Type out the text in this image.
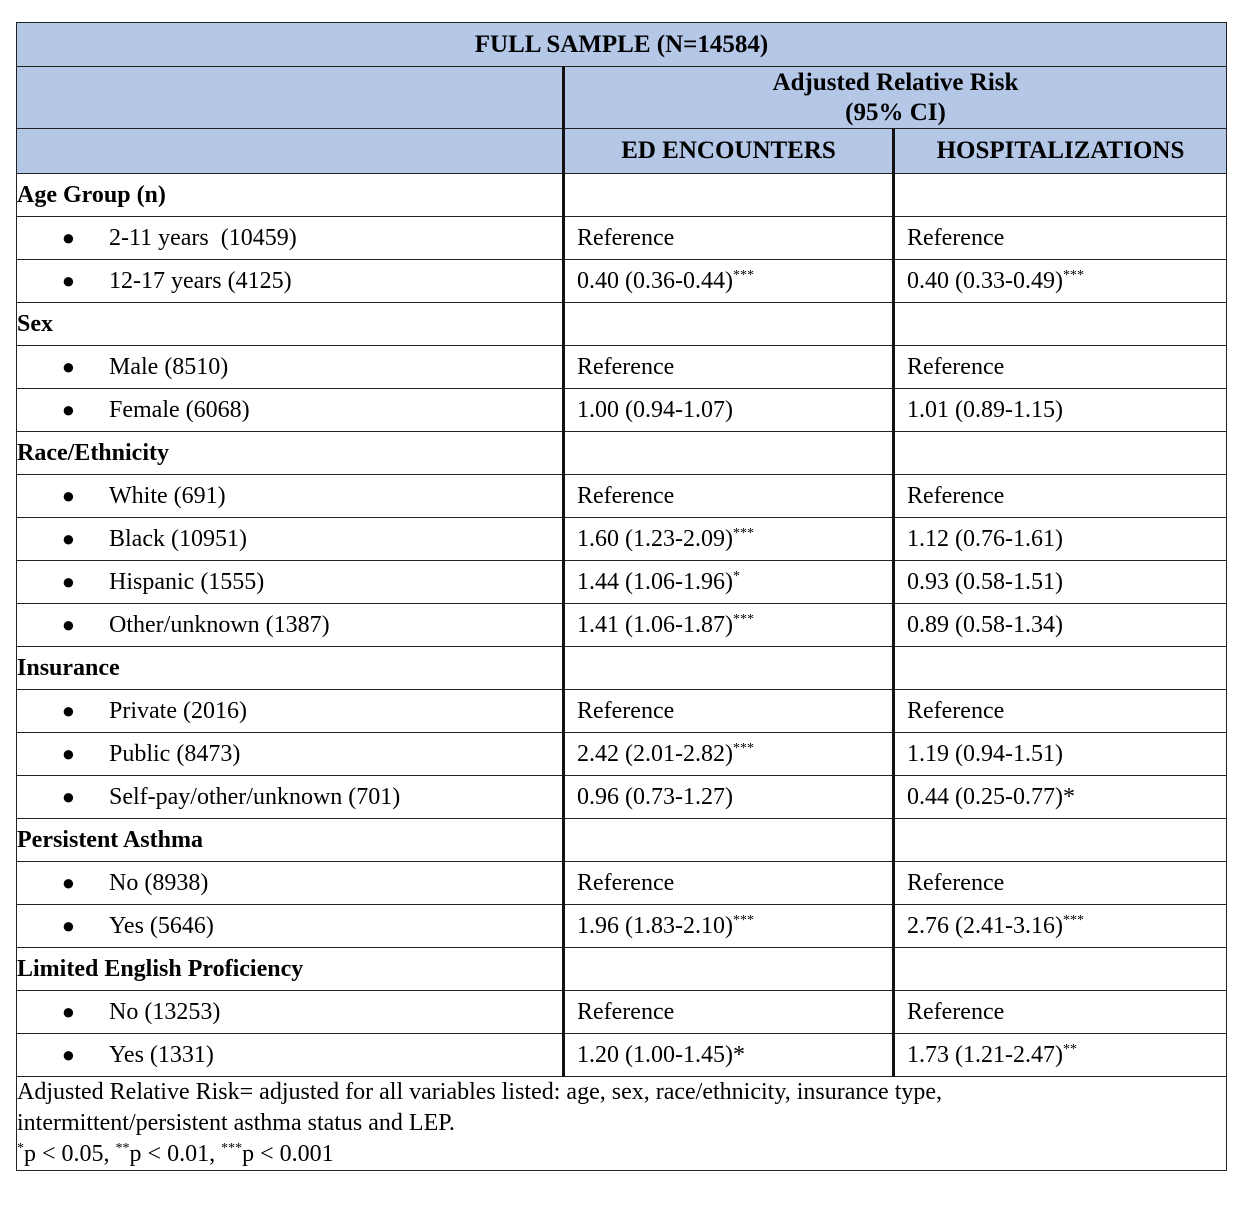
FULL SAMPLE (N=14584)		

	Adjusted Relative Risk
(95% CI)	

	ED ENCOUNTERS	HOSPITALIZATIONS
Age Group (n)		
● 2-11 years  (10459)	Reference	Reference
● 12-17 years (4125)	0.40 (0.36-0.44)***	0.40 (0.33-0.49)***
Sex		
● Male (8510)	Reference	Reference
● Female (6068)	1.00 (0.94-1.07)	1.01 (0.89-1.15)
Race/Ethnicity		
● White (691)	Reference	Reference
● Black (10951)	1.60 (1.23-2.09)***	1.12 (0.76-1.61)
● Hispanic (1555)	1.44 (1.06-1.96)*	0.93 (0.58-1.51)
● Other/unknown (1387)	1.41 (1.06-1.87)***	0.89 (0.58-1.34)
Insurance		
● Private (2016)	Reference	Reference
● Public (8473)	2.42 (2.01-2.82)***	1.19 (0.94-1.51)
● Self-pay/other/unknown (701)	0.96 (0.73-1.27)	0.44 (0.25-0.77)*
Persistent Asthma		
● No (8938)	Reference	Reference
● Yes (5646)	1.96 (1.83-2.10)***	2.76 (2.41-3.16)***
Limited English Proficiency		
● No (13253)	Reference	Reference
● Yes (1331)	1.20 (1.00-1.45)*	1.73 (1.21-2.47)**

Adjusted Relative Risk= adjusted for all variables listed: age, sex, race/ethnicity, insurance type,
intermittent/persistent asthma status and LEP.
*p < 0.05, **p < 0.01, ***p < 0.001		
